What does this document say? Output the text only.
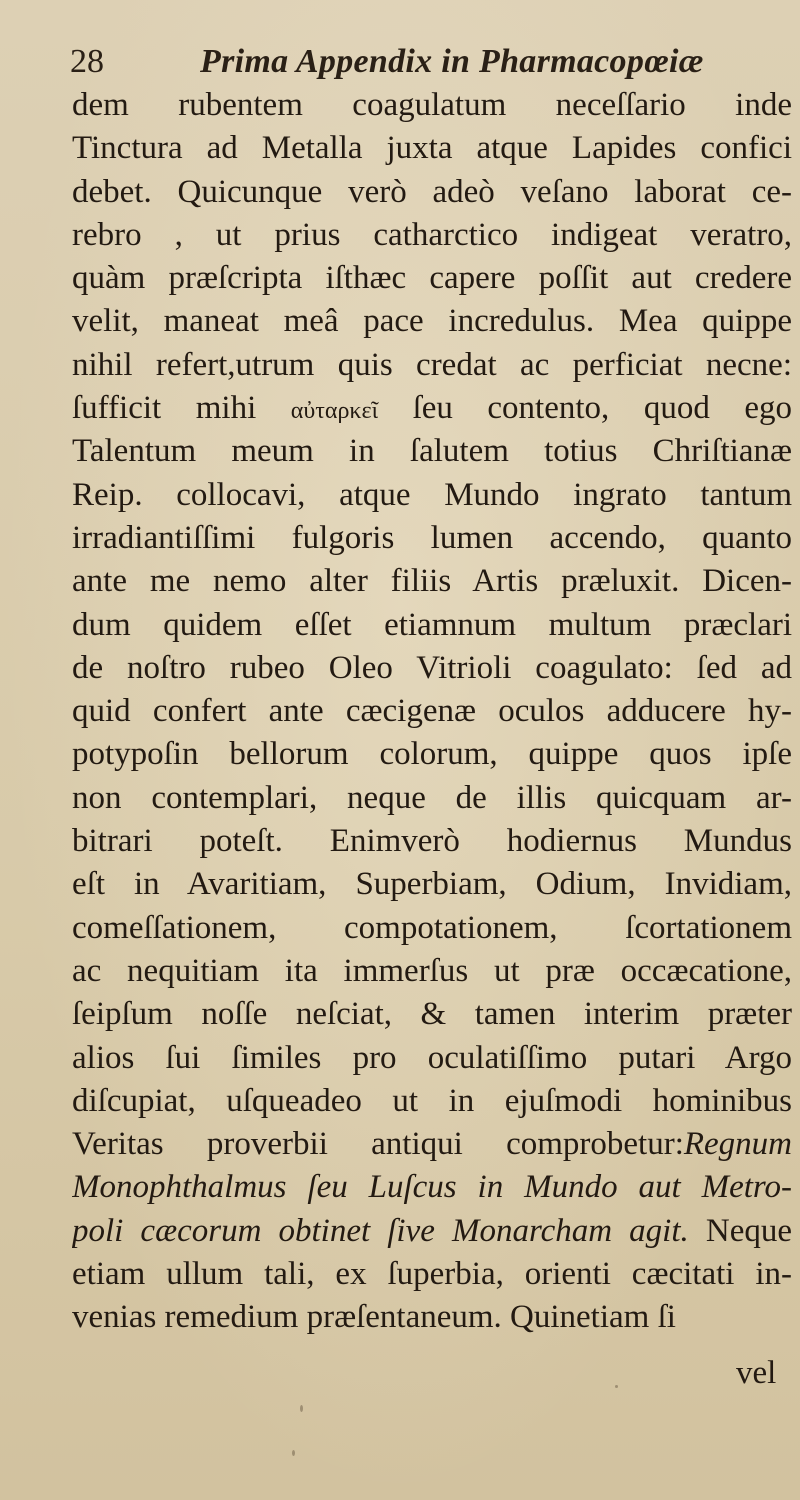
28	Prima Appendix in Pharmacopœiæ
dem rubentem coagulatum neceſſario inde
Tinctura ad Metalla juxta atque Lapides confici
debet. Quicunque verò adeò veſano laborat ce-
rebro , ut prius catharctico indigeat veratro,
quàm præſcripta iſthæc capere poſſit aut credere
velit, maneat meâ pace incredulus. Mea quippe
nihil refert,utrum quis credat ac perficiat necne:
ſufficit mihi αὐταρκεῖ ſeu contento, quod ego
Talentum meum in ſalutem totius Chriſtianæ
Reip. collocavi, atque Mundo ingrato tantum
irradiantiſſimi fulgoris lumen accendo, quanto
ante me nemo alter filiis Artis præluxit. Dicen-
dum quidem eſſet etiamnum multum præclari
de noſtro rubeo Oleo Vitrioli coagulato: ſed ad
quid confert ante cæcigenæ oculos adducere hy-
potypoſin bellorum colorum, quippe quos ipſe
non contemplari, neque de illis quicquam ar-
bitrari poteſt. Enimverò hodiernus Mundus
eſt in Avaritiam, Superbiam, Odium, Invidiam,
comeſſationem, compotationem, ſcortationem
ac nequitiam ita immerſus ut præ occæcatione,
ſeipſum noſſe neſciat, & tamen interim præter
alios ſui ſimiles pro oculatiſſimo putari Argo
diſcupiat, uſqueadeo ut in ejuſmodi hominibus
Veritas proverbii antiqui comprobetur:Regnum
Monophthalmus ſeu Luſcus in Mundo aut Metro-
poli cæcorum obtinet ſive Monarcham agit. Neque
etiam ullum tali, ex ſuperbia, orienti cæcitati in-
venias remedium præſentaneum. Quinetiam ſi
vel
